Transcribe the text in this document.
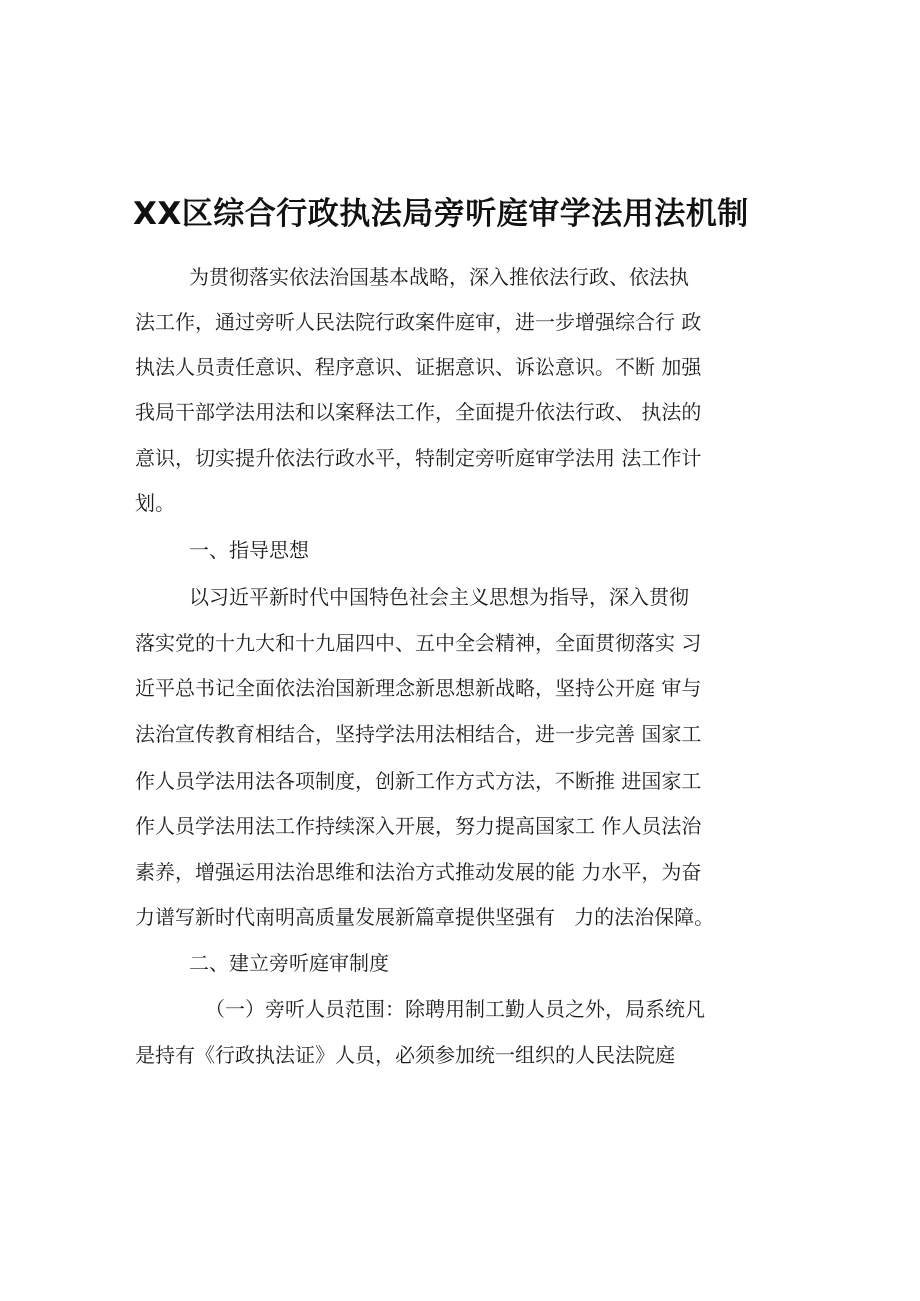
XX区综合行政执法局旁听庭审学法用法机制

为贯彻落实依法治国基本战略，深入推依法行政、依法执

法工作，通过旁听人民法院行政案件庭审，进一步增强综合行 政

执法人员责任意识、程序意识、证据意识、诉讼意识。不断 加强

我局干部学法用法和以案释法工作，全面提升依法行政、 执法的

意识，切实提升依法行政水平，特制定旁听庭审学法用 法工作计

划。

一、指导思想

以习近平新时代中国特色社会主义思想为指导，深入贯彻

落实党的十九大和十九届四中、五中全会精神，全面贯彻落实 习

近平总书记全面依法治国新理念新思想新战略，坚持公开庭 审与

法治宣传教育相结合，坚持学法用法相结合，进一步完善 国家工

作人员学法用法各项制度，创新工作方式方法，不断推 进国家工

作人员学法用法工作持续深入开展，努力提高国家工 作人员法治

素养，增强运用法治思维和法治方式推动发展的能 力水平，为奋

力谱写新时代南明高质量发展新篇章提供坚强有   力的法治保障。

二、建立旁听庭审制度

（一）旁听人员范围：除聘用制工勤人员之外，局系统凡

是持有《行政执法证》人员，必须参加统一组织的人民法院庭
